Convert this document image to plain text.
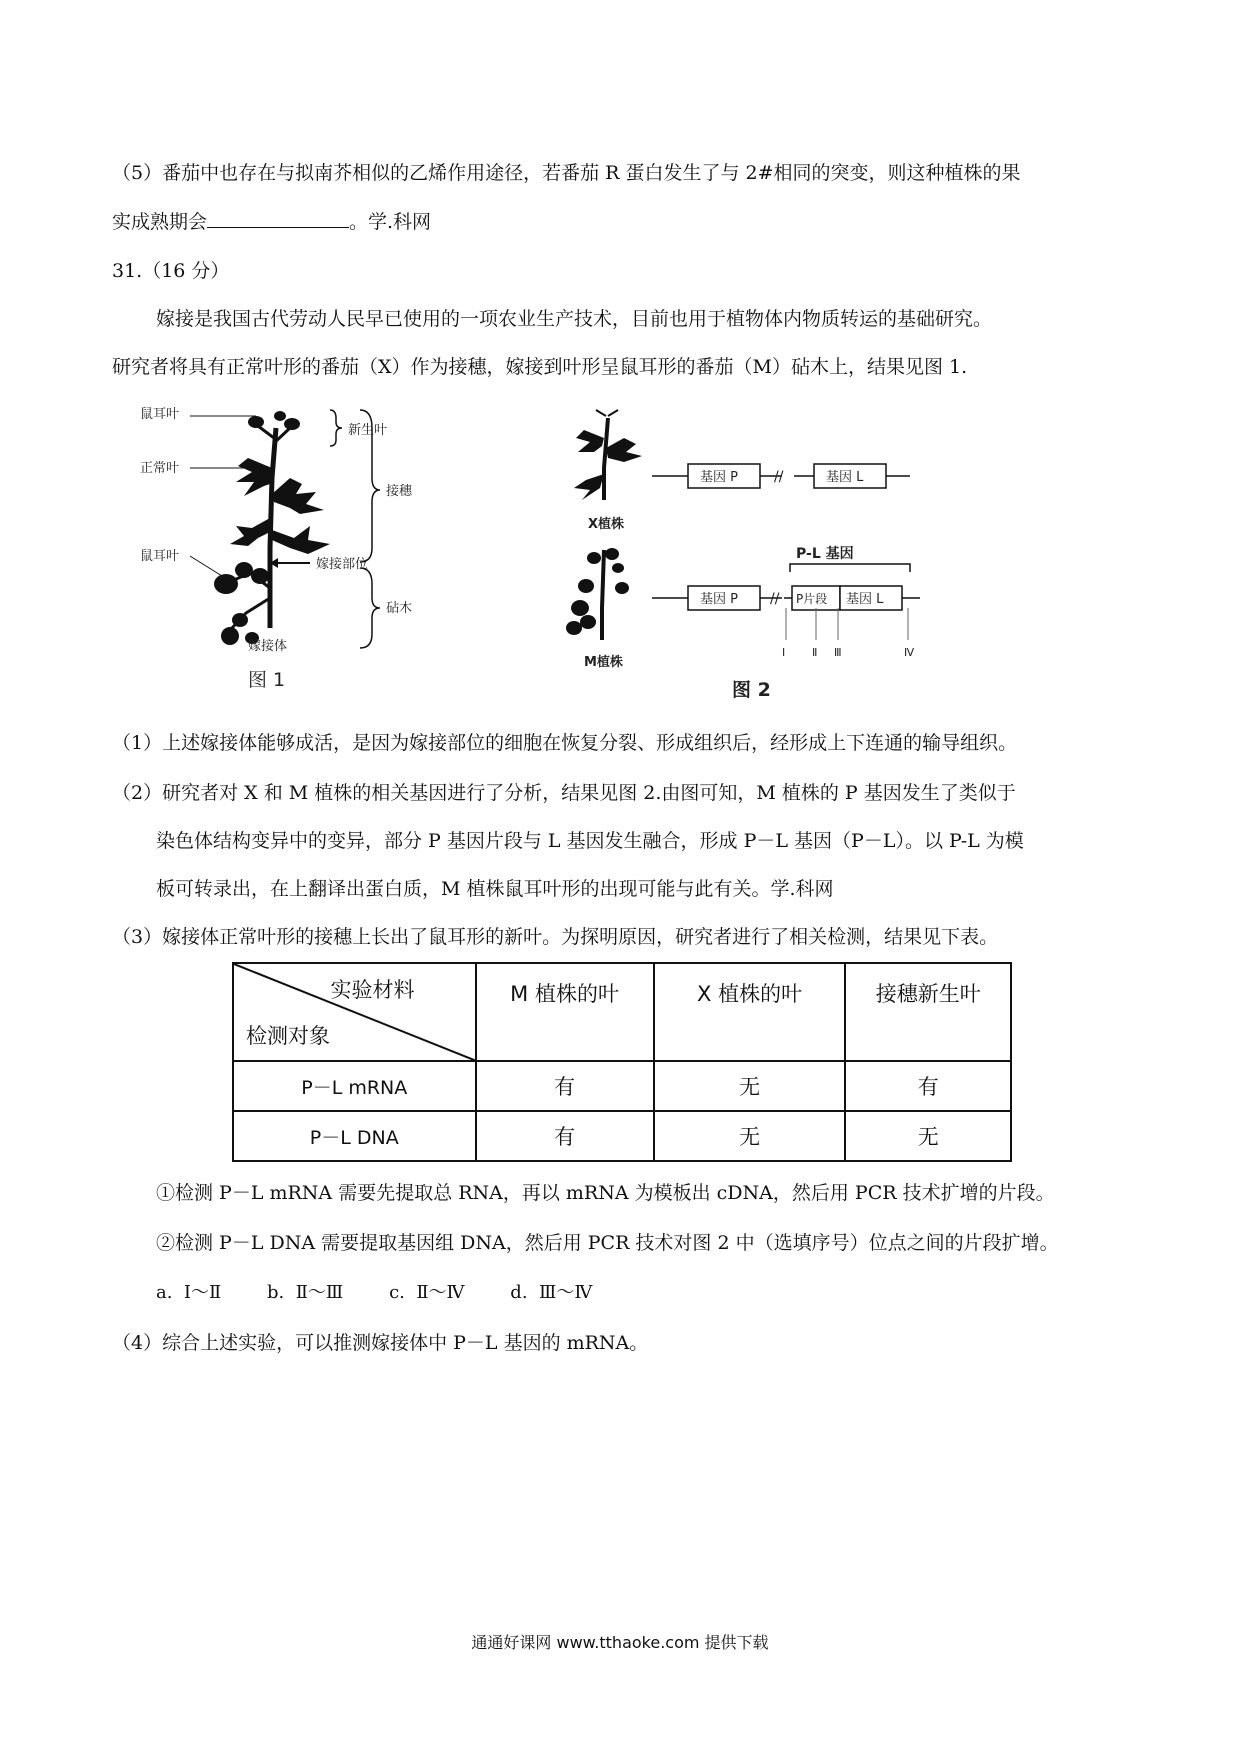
（5）番茄中也存在与拟南芥相似的乙烯作用途径，若番茄 R 蛋白发生了与 2#相同的突变，则这种植株的果
实成熟期会	。学.科网
31.（16 分）
嫁接是我国古代劳动人民早已使用的一项农业生产技术，目前也用于植物体内物质转运的基础研究。
研究者将具有正常叶形的番茄（X）作为接穗，嫁接到叶形呈鼠耳形的番茄（M）砧木上，结果见图 1.
鼠耳叶
新生叶
正常叶
接穗
鼠耳叶
嫁接部位
砧木
嫁接体
图 1
X植株
基因 P	//	基因 L
M植株
P-L 基因
基因 P // P片段 基因 L
Ⅰ Ⅱ Ⅲ	Ⅳ
图 2
（1）上述嫁接体能够成活，是因为嫁接部位的细胞在恢复分裂、形成组织后，经形成上下连通的输导组织。
（2）研究者对 X 和 M 植株的相关基因进行了分析，结果见图 2.由图可知，M 植株的 P 基因发生了类似于
染色体结构变异中的变异，部分 P 基因片段与 L 基因发生融合，形成 P－L 基因（P－L）。以 P-L 为模
板可转录出，在上翻译出蛋白质，M 植株鼠耳叶形的出现可能与此有关。学.科网
（3）嫁接体正常叶形的接穗上长出了鼠耳形的新叶。为探明原因，研究者进行了相关检测，结果见下表。
实验材料
检测对象	M 植株的叶	X 植株的叶	接穗新生叶
P－L mRNA	有	无	有
P－L DNA	有	无	无
①检测 P－L mRNA 需要先提取总 RNA，再以 mRNA 为模板出 cDNA，然后用 PCR 技术扩增的片段。
②检测 P－L DNA 需要提取基因组 DNA，然后用 PCR 技术对图 2 中（选填序号）位点之间的片段扩增。
a.  Ⅰ～Ⅱ        b.  Ⅱ～Ⅲ        c.  Ⅱ～Ⅳ        d.  Ⅲ～Ⅳ
（4）综合上述实验，可以推测嫁接体中 P－L 基因的 mRNA。
通通好课网 www.tthaoke.com 提供下载
